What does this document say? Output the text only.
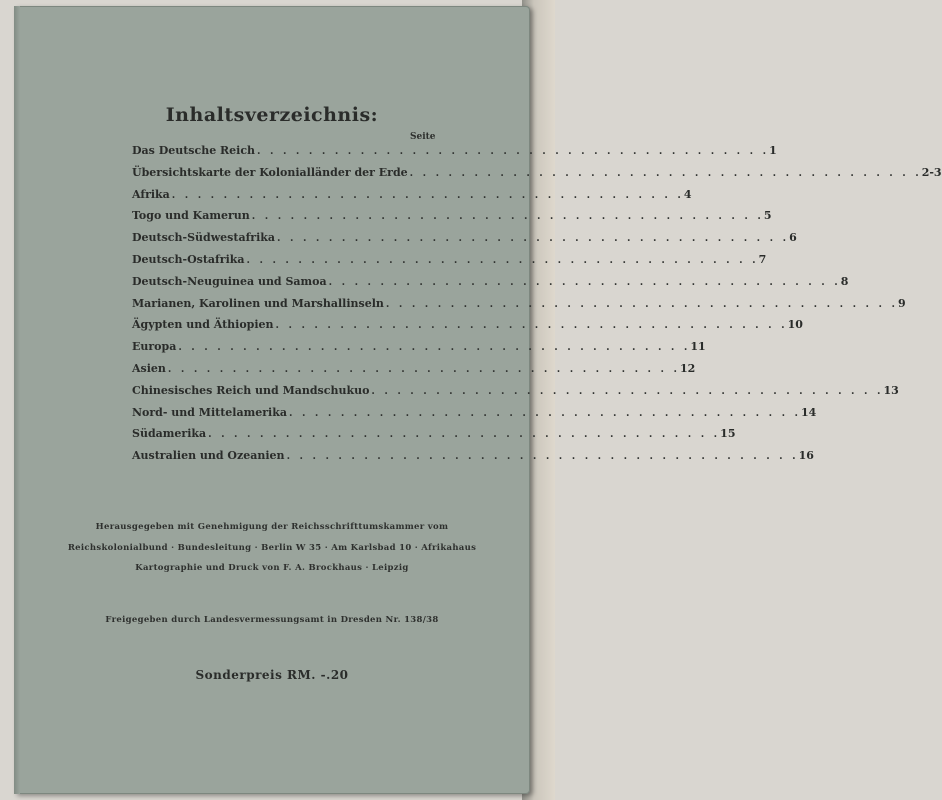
Inhaltsverzeichnis:
Seite
Das Deutsche Reich . . . . . . . . . . . . . . . . . . . . . . . . . . . . . . . . . . . . . . . . 1
Übersichtskarte der Kolonialländer der Erde . . . . . . . . . . . . . . . . . . . . . . . . . . . . . . . . . . . . . . . . 2-3
Afrika . . . . . . . . . . . . . . . . . . . . . . . . . . . . . . . . . . . . . . . . 4
Togo und Kamerun . . . . . . . . . . . . . . . . . . . . . . . . . . . . . . . . . . . . . . . . 5
Deutsch-Südwestafrika . . . . . . . . . . . . . . . . . . . . . . . . . . . . . . . . . . . . . . . . 6
Deutsch-Ostafrika . . . . . . . . . . . . . . . . . . . . . . . . . . . . . . . . . . . . . . . . 7
Deutsch-Neuguinea und Samoa . . . . . . . . . . . . . . . . . . . . . . . . . . . . . . . . . . . . . . . . 8
Marianen, Karolinen und Marshallinseln . . . . . . . . . . . . . . . . . . . . . . . . . . . . . . . . . . . . . . . . 9
Ägypten und Äthiopien . . . . . . . . . . . . . . . . . . . . . . . . . . . . . . . . . . . . . . . . 10
Europa . . . . . . . . . . . . . . . . . . . . . . . . . . . . . . . . . . . . . . . . 11
Asien . . . . . . . . . . . . . . . . . . . . . . . . . . . . . . . . . . . . . . . . 12
Chinesisches Reich und Mandschukuo . . . . . . . . . . . . . . . . . . . . . . . . . . . . . . . . . . . . . . . . 13
Nord- und Mittelamerika . . . . . . . . . . . . . . . . . . . . . . . . . . . . . . . . . . . . . . . . 14
Südamerika . . . . . . . . . . . . . . . . . . . . . . . . . . . . . . . . . . . . . . . . 15
Australien und Ozeanien . . . . . . . . . . . . . . . . . . . . . . . . . . . . . . . . . . . . . . . . 16
Herausgegeben mit Genehmigung der Reichsschrifttumskammer vom
Reichskolonialbund · Bundesleitung · Berlin W 35 · Am Karlsbad 10 · Afrikahaus
Kartographie und Druck von F. A. Brockhaus · Leipzig
Freigegeben durch Landesvermessungsamt in Dresden Nr. 138/38
Sonderpreis RM. -.20
